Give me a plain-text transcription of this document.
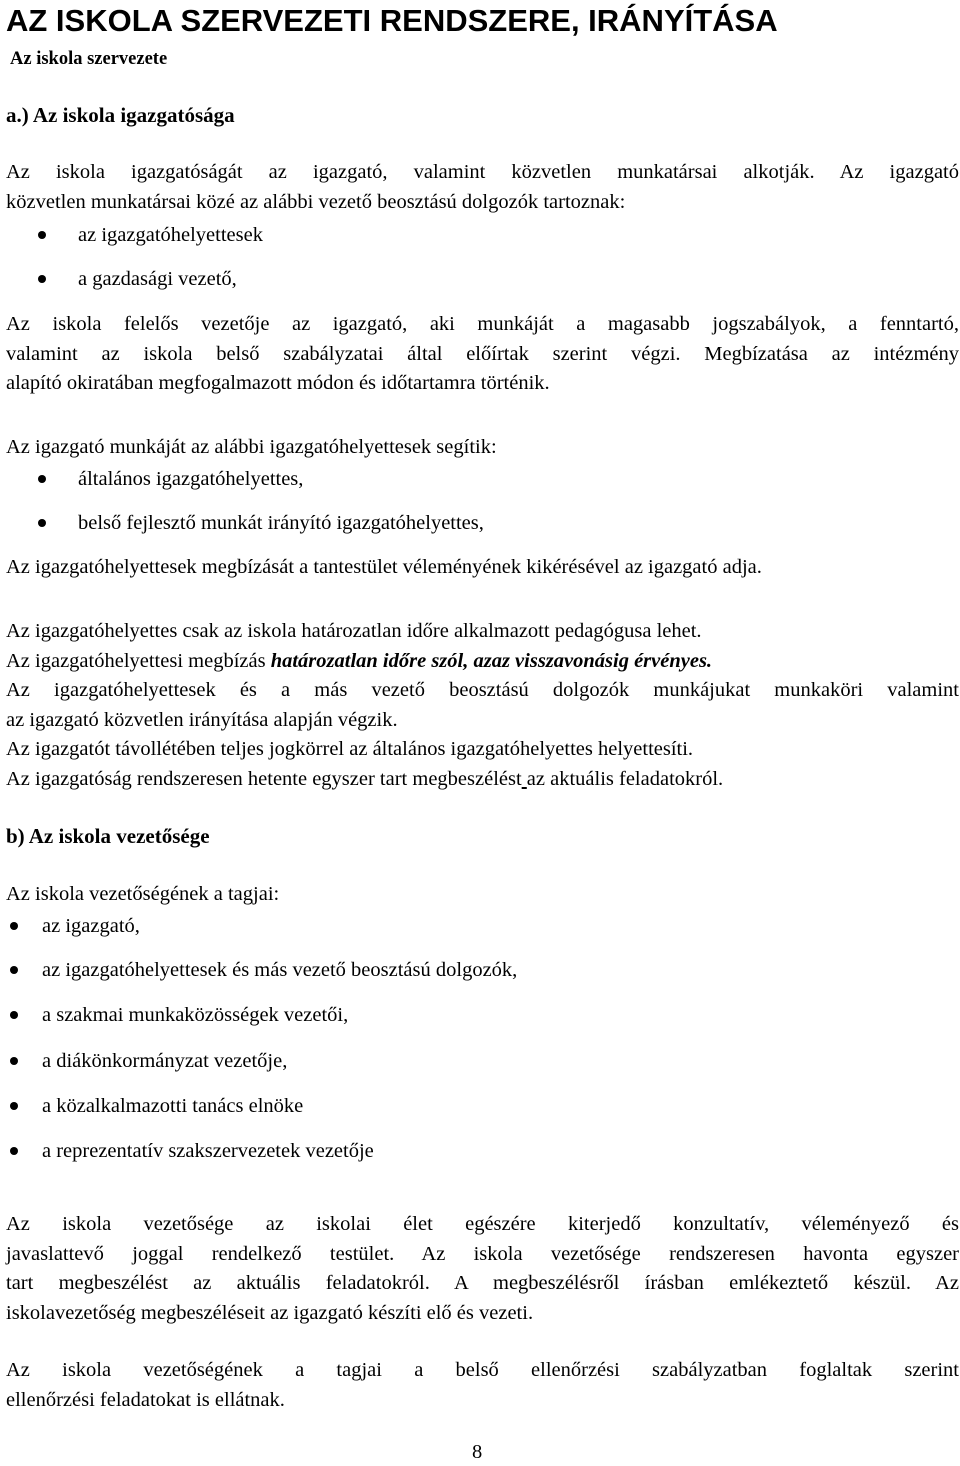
AZ ISKOLA SZERVEZETI RENDSZERE, IRÁNYÍTÁSA
Az iskola szervezete
a.) Az iskola igazgatósága
Az iskola igazgatóságát az igazgató, valamint közvetlen munkatársai alkotják. Az igazgató
közvetlen munkatársai közé az alábbi vezető beosztású dolgozók tartoznak:
az igazgatóhelyettesek
a gazdasági vezető,
Az iskola felelős vezetője az igazgató, aki munkáját a magasabb jogszabályok, a fenntartó,
valamint az iskola belső szabályzatai által előírtak szerint végzi. Megbízatása az intézmény
alapító okiratában megfogalmazott módon és időtartamra történik.
Az igazgató munkáját az alábbi igazgatóhelyettesek segítik:
általános igazgatóhelyettes,
belső fejlesztő munkát irányító igazgatóhelyettes,
Az igazgatóhelyettesek megbízását a tantestület véleményének kikérésével az igazgató adja.
Az igazgatóhelyettes csak az iskola határozatlan időre alkalmazott pedagógusa lehet.
Az igazgatóhelyettesi megbízás határozatlan időre szól, azaz visszavonásig érvényes.
Az igazgatóhelyettesek és a más vezető beosztású dolgozók munkájukat munkaköri valamint
az igazgató közvetlen irányítása alapján végzik.
Az igazgatót távollétében teljes jogkörrel az általános igazgatóhelyettes helyettesíti.
Az igazgatóság rendszeresen hetente egyszer tart megbeszélést az aktuális feladatokról.
b) Az iskola vezetősége
Az iskola vezetőségének a tagjai:
az igazgató,
az igazgatóhelyettesek és más vezető beosztású dolgozók,
a szakmai munkaközösségek vezetői,
a diákönkormányzat vezetője,
a közalkalmazotti tanács elnöke
a reprezentatív szakszervezetek vezetője
Az iskola vezetősége az iskolai élet egészére kiterjedő konzultatív, véleményező és
javaslattevő joggal rendelkező testület. Az iskola vezetősége rendszeresen havonta egyszer
tart megbeszélést az aktuális feladatokról. A megbeszélésről írásban emlékeztető készül. Az
iskolavezetőség megbeszéléseit az igazgató készíti elő és vezeti.
Az iskola vezetőségének a tagjai a belső ellenőrzési szabályzatban foglaltak szerint
ellenőrzési feladatokat is ellátnak.
8
